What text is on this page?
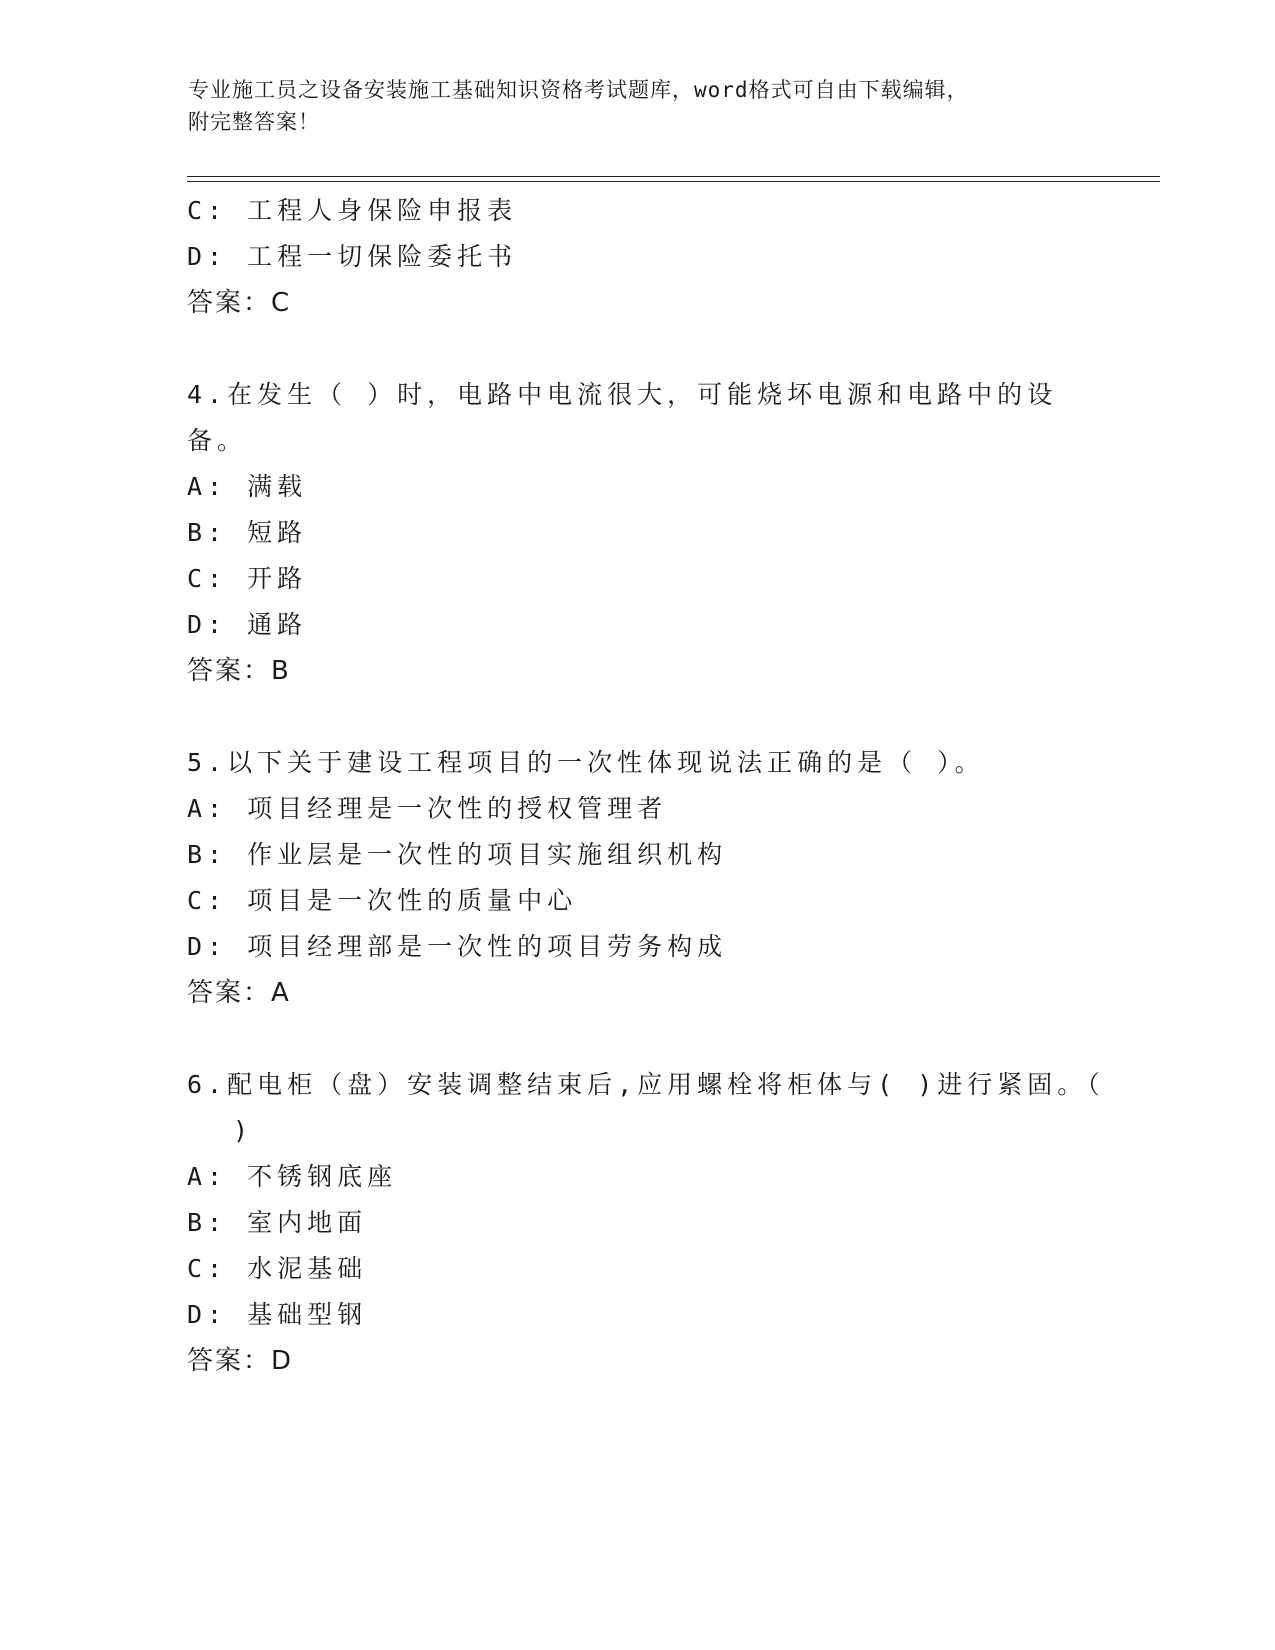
专业施工员之设备安装施工基础知识资格考试题库，word格式可自由下载编辑，
附完整答案！
C: 工程人身保险申报表
D: 工程一切保险委托书
答案：C
4.在发生（ ）时，电路中电流很大，可能烧坏电源和电路中的设备。
A: 满载
B: 短路
C: 开路
D: 通路
答案：B
5.以下关于建设工程项目的一次性体现说法正确的是（ ）。
A: 项目经理是一次性的授权管理者
B: 作业层是一次性的项目实施组织机构
C: 项目是一次性的质量中心
D: 项目经理部是一次性的项目劳务构成
答案：A
6.配电柜（盘）安装调整结束后,应用螺栓将柜体与( )进行紧固。（
)
A: 不锈钢底座
B: 室内地面
C: 水泥基础
D: 基础型钢
答案：D
